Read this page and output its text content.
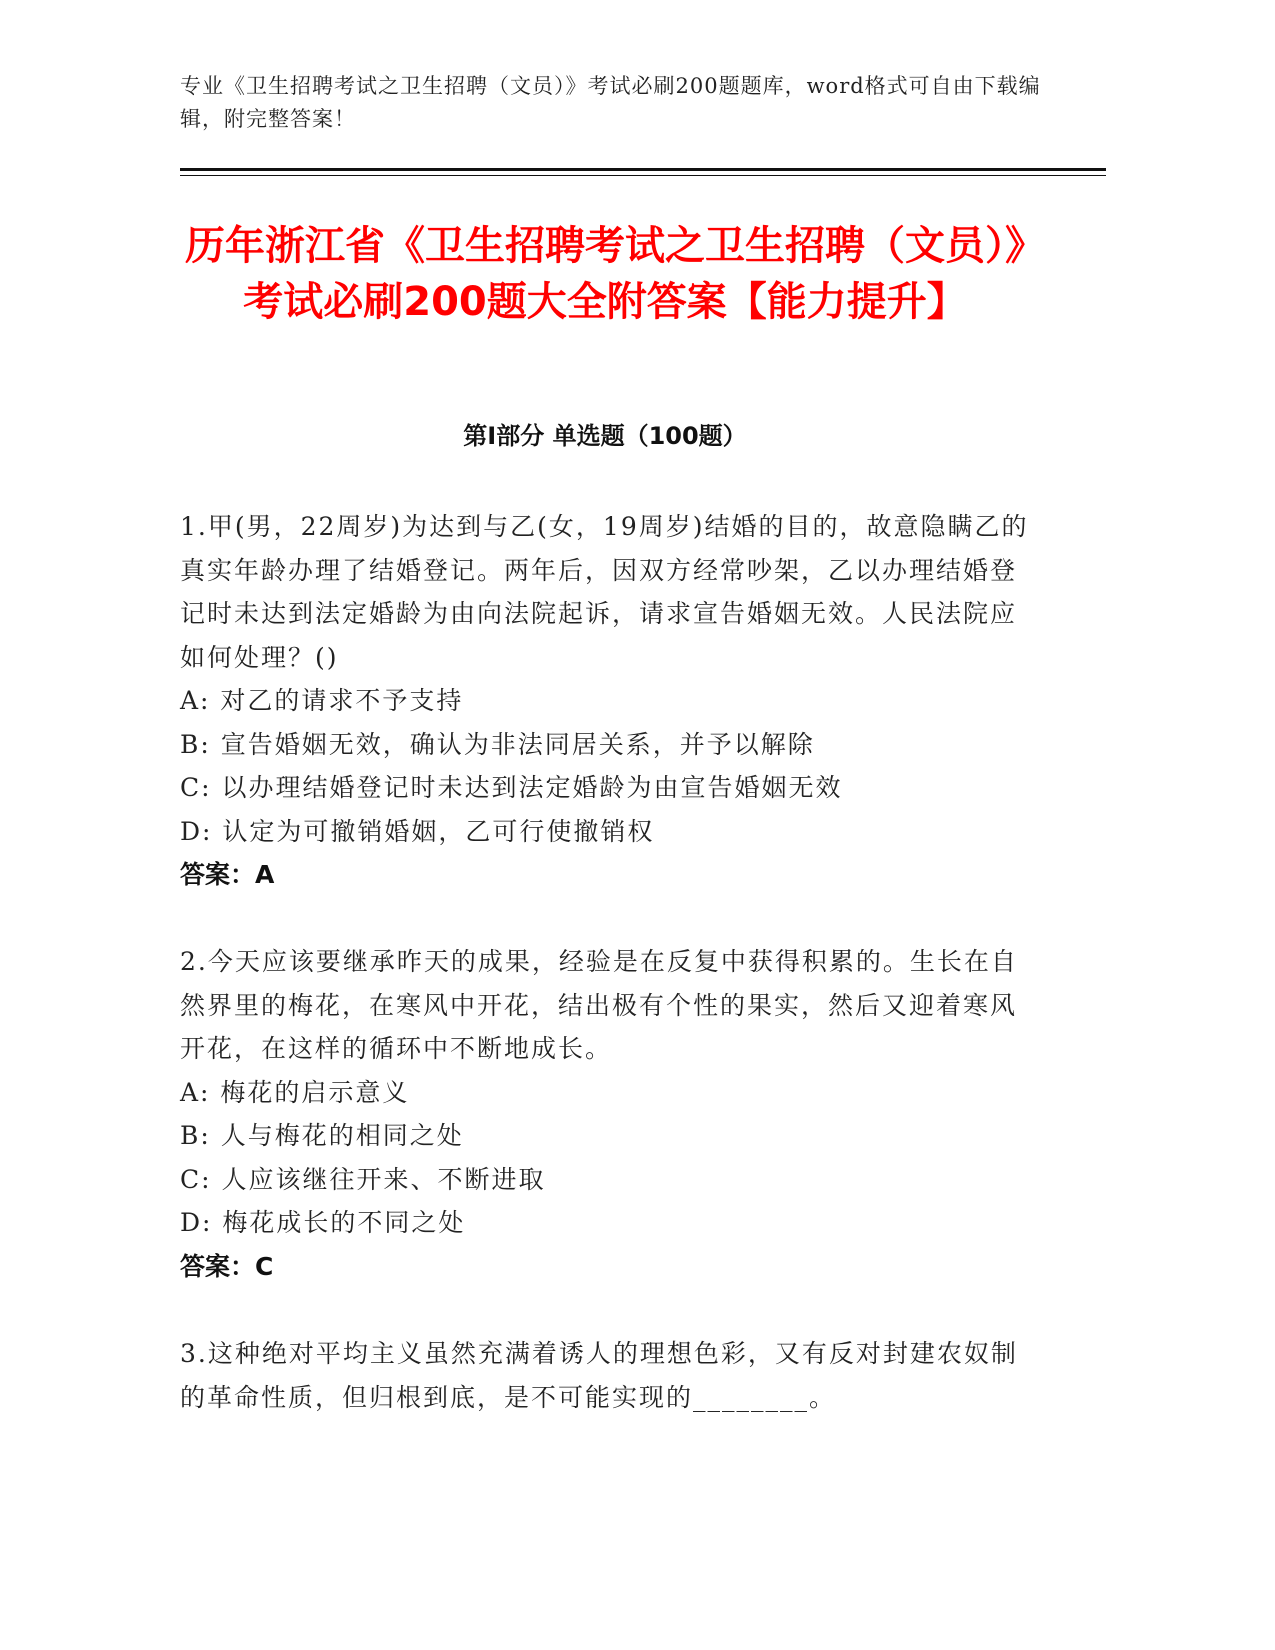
专业《卫生招聘考试之卫生招聘（文员）》考试必刷200题题库，word格式可自由下载编辑，附完整答案！
历年浙江省《卫生招聘考试之卫生招聘（文员）》考试必刷200题大全附答案【能力提升】
第Ⅰ部分 单选题（100题）

1.甲(男，22周岁)为达到与乙(女，19周岁)结婚的目的，故意隐瞒乙的真实年龄办理了结婚登记。两年后，因双方经常吵架，乙以办理结婚登记时未达到法定婚龄为由向法院起诉，请求宣告婚姻无效。人民法院应如何处理？()

A: 对乙的请求不予支持

B: 宣告婚姻无效，确认为非法同居关系，并予以解除

C: 以办理结婚登记时未达到法定婚龄为由宣告婚姻无效

D: 认定为可撤销婚姻，乙可行使撤销权

答案：A

2.今天应该要继承昨天的成果，经验是在反复中获得积累的。生长在自然界里的梅花，在寒风中开花，结出极有个性的果实，然后又迎着寒风开花，在这样的循环中不断地成长。

A: 梅花的启示意义

B: 人与梅花的相同之处

C: 人应该继往开来、不断进取

D: 梅花成长的不同之处

答案：C

3.这种绝对平均主义虽然充满着诱人的理想色彩，又有反对封建农奴制的革命性质，但归根到底，是不可能实现的________。
